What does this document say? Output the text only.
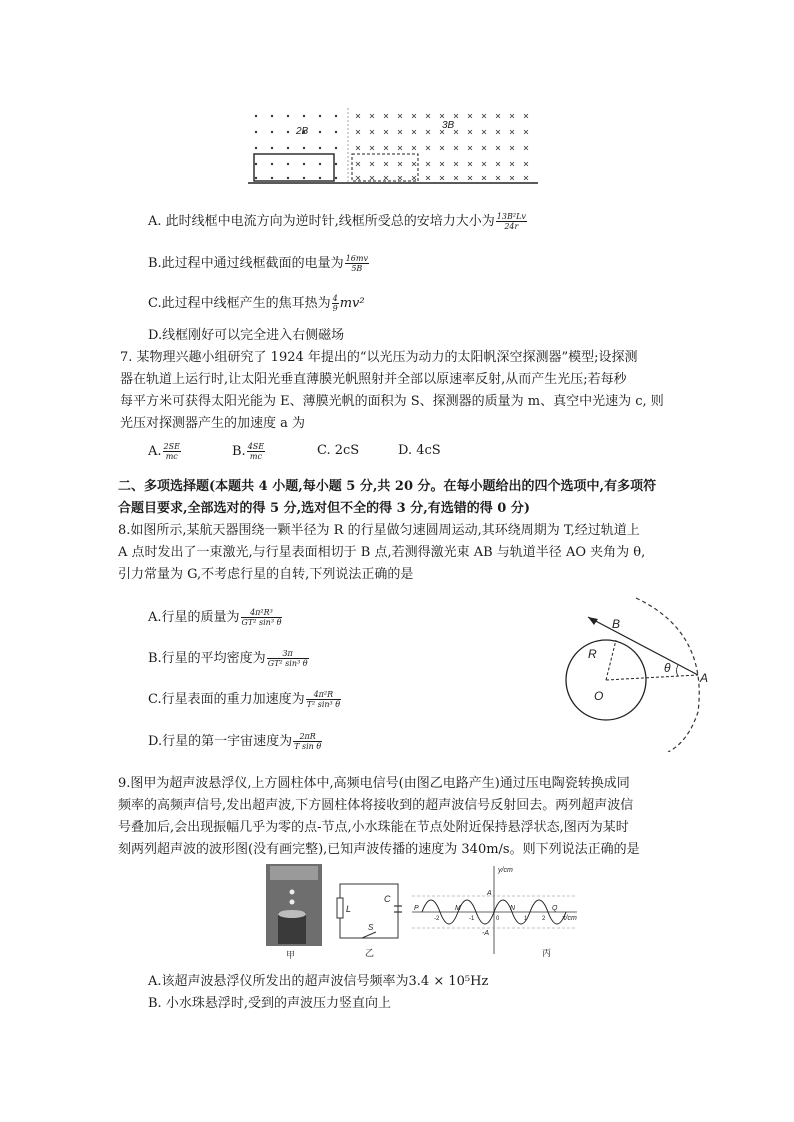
2B
3B
A. 此时线框中电流方向为逆时针,线框所受总的安培力大小为 $\frac{\text{13B²Lv}}{24r}$
B.此过程中通过线框截面的电量为 $\frac{16mv}{5B}$
C.此过程中线框产生的焦耳热为 $\frac{4}{9} mv^2$
D.线框刚好可以完全进入右侧磁场
7. 某物理兴趣小组研究了 1924 年提出的“以光压为动力的太阳帆深空探测器”模型;设探测
器在轨道上运行时,让太阳光垂直薄膜光帆照射并全部以原速率反射,从而产生光压;若每秒
每平方米可获得太阳光能为 E、薄膜光帆的面积为 S、探测器的质量为 m、真空中光速为 c, 则
光压对探测器产生的加速度 a 为
A. $\frac{2SE}{mc}$	B. $\frac{4SE}{mc}$	C. 2cS	D. 4cS
二、多项选择题(本题共 4 小题,每小题 5 分,共 20 分。在每小题给出的四个选项中,有多项符
合题目要求,全部选对的得 5 分,选对但不全的得 3 分,有选错的得 0 分)
8.如图所示,某航天器围绕一颗半径为 R 的行星做匀速圆周运动,其环绕周期为 T,经过轨道上
A 点时发出了一束激光,与行星表面相切于 B 点,若测得激光束 AB 与轨道半径 AO 夹角为 θ,
引力常量为 G,不考虑行星的自转,下列说法正确的是
A.行星的质量为 $\frac{\text{4π²R³}}{\text{GT² sin³ θ}}$
B.行星的平均密度为 $\frac{3\pi}{\text{GT² sin³ θ}}$
C.行星表面的重力加速度为 $\frac{\text{4π²R}}{\text{T² sin³ θ}}$
D.行星的第一宇宙速度为 $\frac{2\pi R}{\text{T sin θ}}$
B
R
O
θ
A
9.图甲为超声波悬浮仪,上方圆柱体中,高频电信号(由图乙电路产生)通过压电陶瓷转换成同
频率的高频声信号,发出超声波,下方圆柱体将接收到的超声波信号反射回去。两列超声波信
号叠加后,会出现振幅几乎为零的点-节点,小水珠能在节点处附近保持悬浮状态,图丙为某时
刻两列超声波的波形图(没有画完整),已知声波传播的速度为 340m/s。则下列说法正确的是
甲
L
C
S
乙
y/cm
x/cm
A
-A
P	M	N	Q
-2	-1	0	1 2
丙
A.该超声波悬浮仪所发出的超声波信号频率为3.4 × 10⁵Hz
B. 小水珠悬浮时,受到的声波压力竖直向上
